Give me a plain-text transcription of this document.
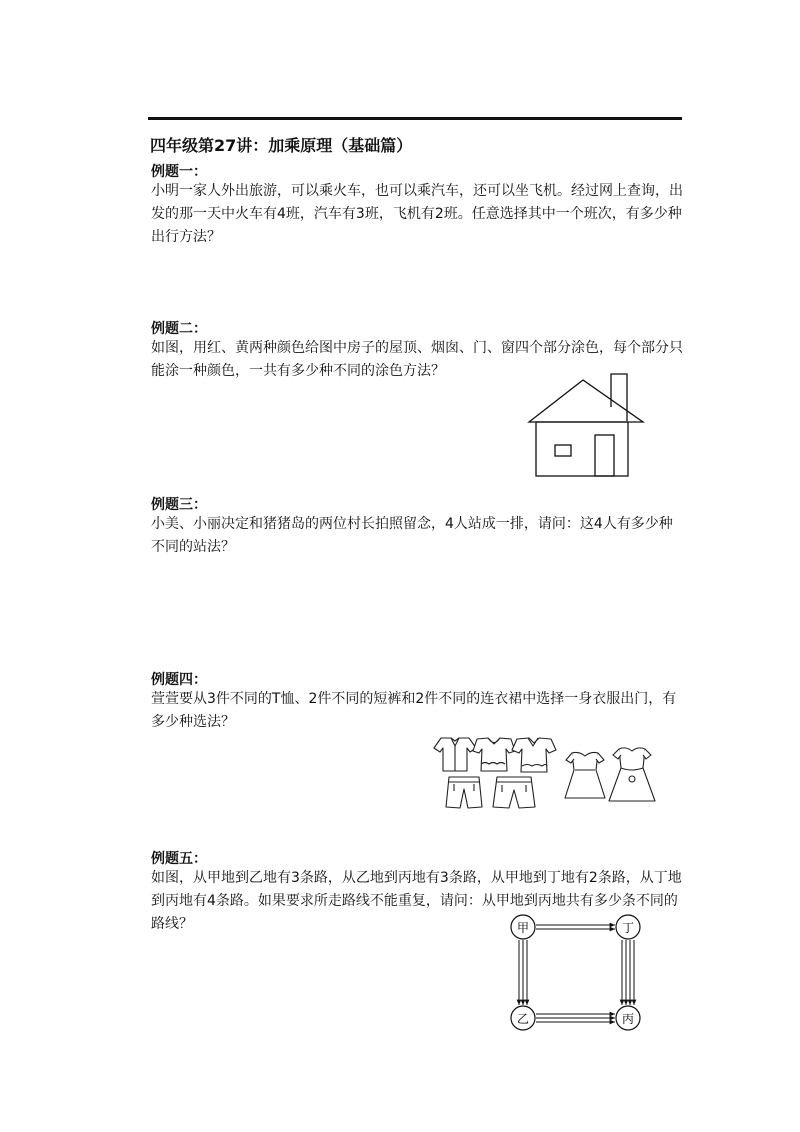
四年级第27讲：加乘原理（基础篇）
例题一：
小明一家人外出旅游，可以乘火车，也可以乘汽车，还可以坐飞机。经过网上查询，出
发的那一天中火车有4班，汽车有3班，飞机有2班。任意选择其中一个班次，有多少种
出行方法？
例题二：
如图，用红、黄两种颜色给图中房子的屋顶、烟囱、门、窗四个部分涂色，每个部分只
能涂一种颜色，一共有多少种不同的涂色方法？
例题三：
小美、小丽决定和猪猪岛的两位村长拍照留念，4人站成一排，请问：这4人有多少种
不同的站法？
例题四：
萱萱要从3件不同的T恤、2件不同的短裤和2件不同的连衣裙中选择一身衣服出门，有
多少种选法？
例题五：
如图，从甲地到乙地有3条路，从乙地到丙地有3条路，从甲地到丁地有2条路，从丁地
到丙地有4条路。如果要求所走路线不能重复，请问：从甲地到丙地共有多少条不同的
路线？	甲	丁
乙	丙
